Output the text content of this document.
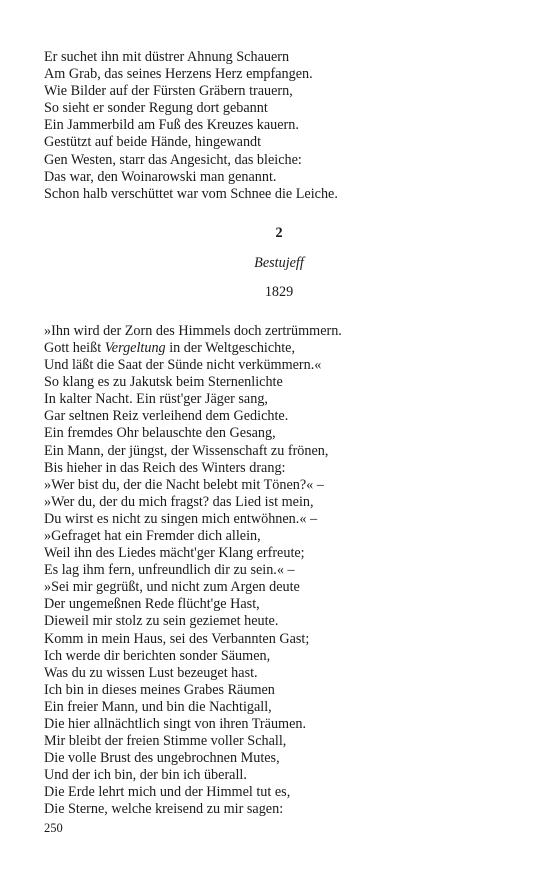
Er suchet ihn mit düstrer Ahnung Schauern
Am Grab, das seines Herzens Herz empfangen.
Wie Bilder auf der Fürsten Gräbern trauern,
So sieht er sonder Regung dort gebannt
Ein Jammerbild am Fuß des Kreuzes kauern.
Gestützt auf beide Hände, hingewandt
Gen Westen, starr das Angesicht, das bleiche:
Das war, den Woinarowski man genannt.
Schon halb verschüttet war vom Schnee die Leiche.
2
Bestujeff
1829
»Ihn wird der Zorn des Himmels doch zertrümmern.
Gott heißt Vergeltung in der Weltgeschichte,
Und läßt die Saat der Sünde nicht verkümmern.«
So klang es zu Jakutsk beim Sternenlichte
In kalter Nacht. Ein rüst'ger Jäger sang,
Gar seltnen Reiz verleihend dem Gedichte.
Ein fremdes Ohr belauschte den Gesang,
Ein Mann, der jüngst, der Wissenschaft zu frönen,
Bis hieher in das Reich des Winters drang:
»Wer bist du, der die Nacht belebt mit Tönen?« –
»Wer du, der du mich fragst? das Lied ist mein,
Du wirst es nicht zu singen mich entwöhnen.« –
»Gefraget hat ein Fremder dich allein,
Weil ihn des Liedes mächt'ger Klang erfreute;
Es lag ihm fern, unfreundlich dir zu sein.« –
»Sei mir gegrüßt, und nicht zum Argen deute
Der ungemeßnen Rede flücht'ge Hast,
Dieweil mir stolz zu sein geziemet heute.
Komm in mein Haus, sei des Verbannten Gast;
Ich werde dir berichten sonder Säumen,
Was du zu wissen Lust bezeuget hast.
Ich bin in dieses meines Grabes Räumen
Ein freier Mann, und bin die Nachtigall,
Die hier allnächtlich singt von ihren Träumen.
Mir bleibt der freien Stimme voller Schall,
Die volle Brust des ungebrochnen Mutes,
Und der ich bin, der bin ich überall.
Die Erde lehrt mich und der Himmel tut es,
Die Sterne, welche kreisend zu mir sagen:
250
